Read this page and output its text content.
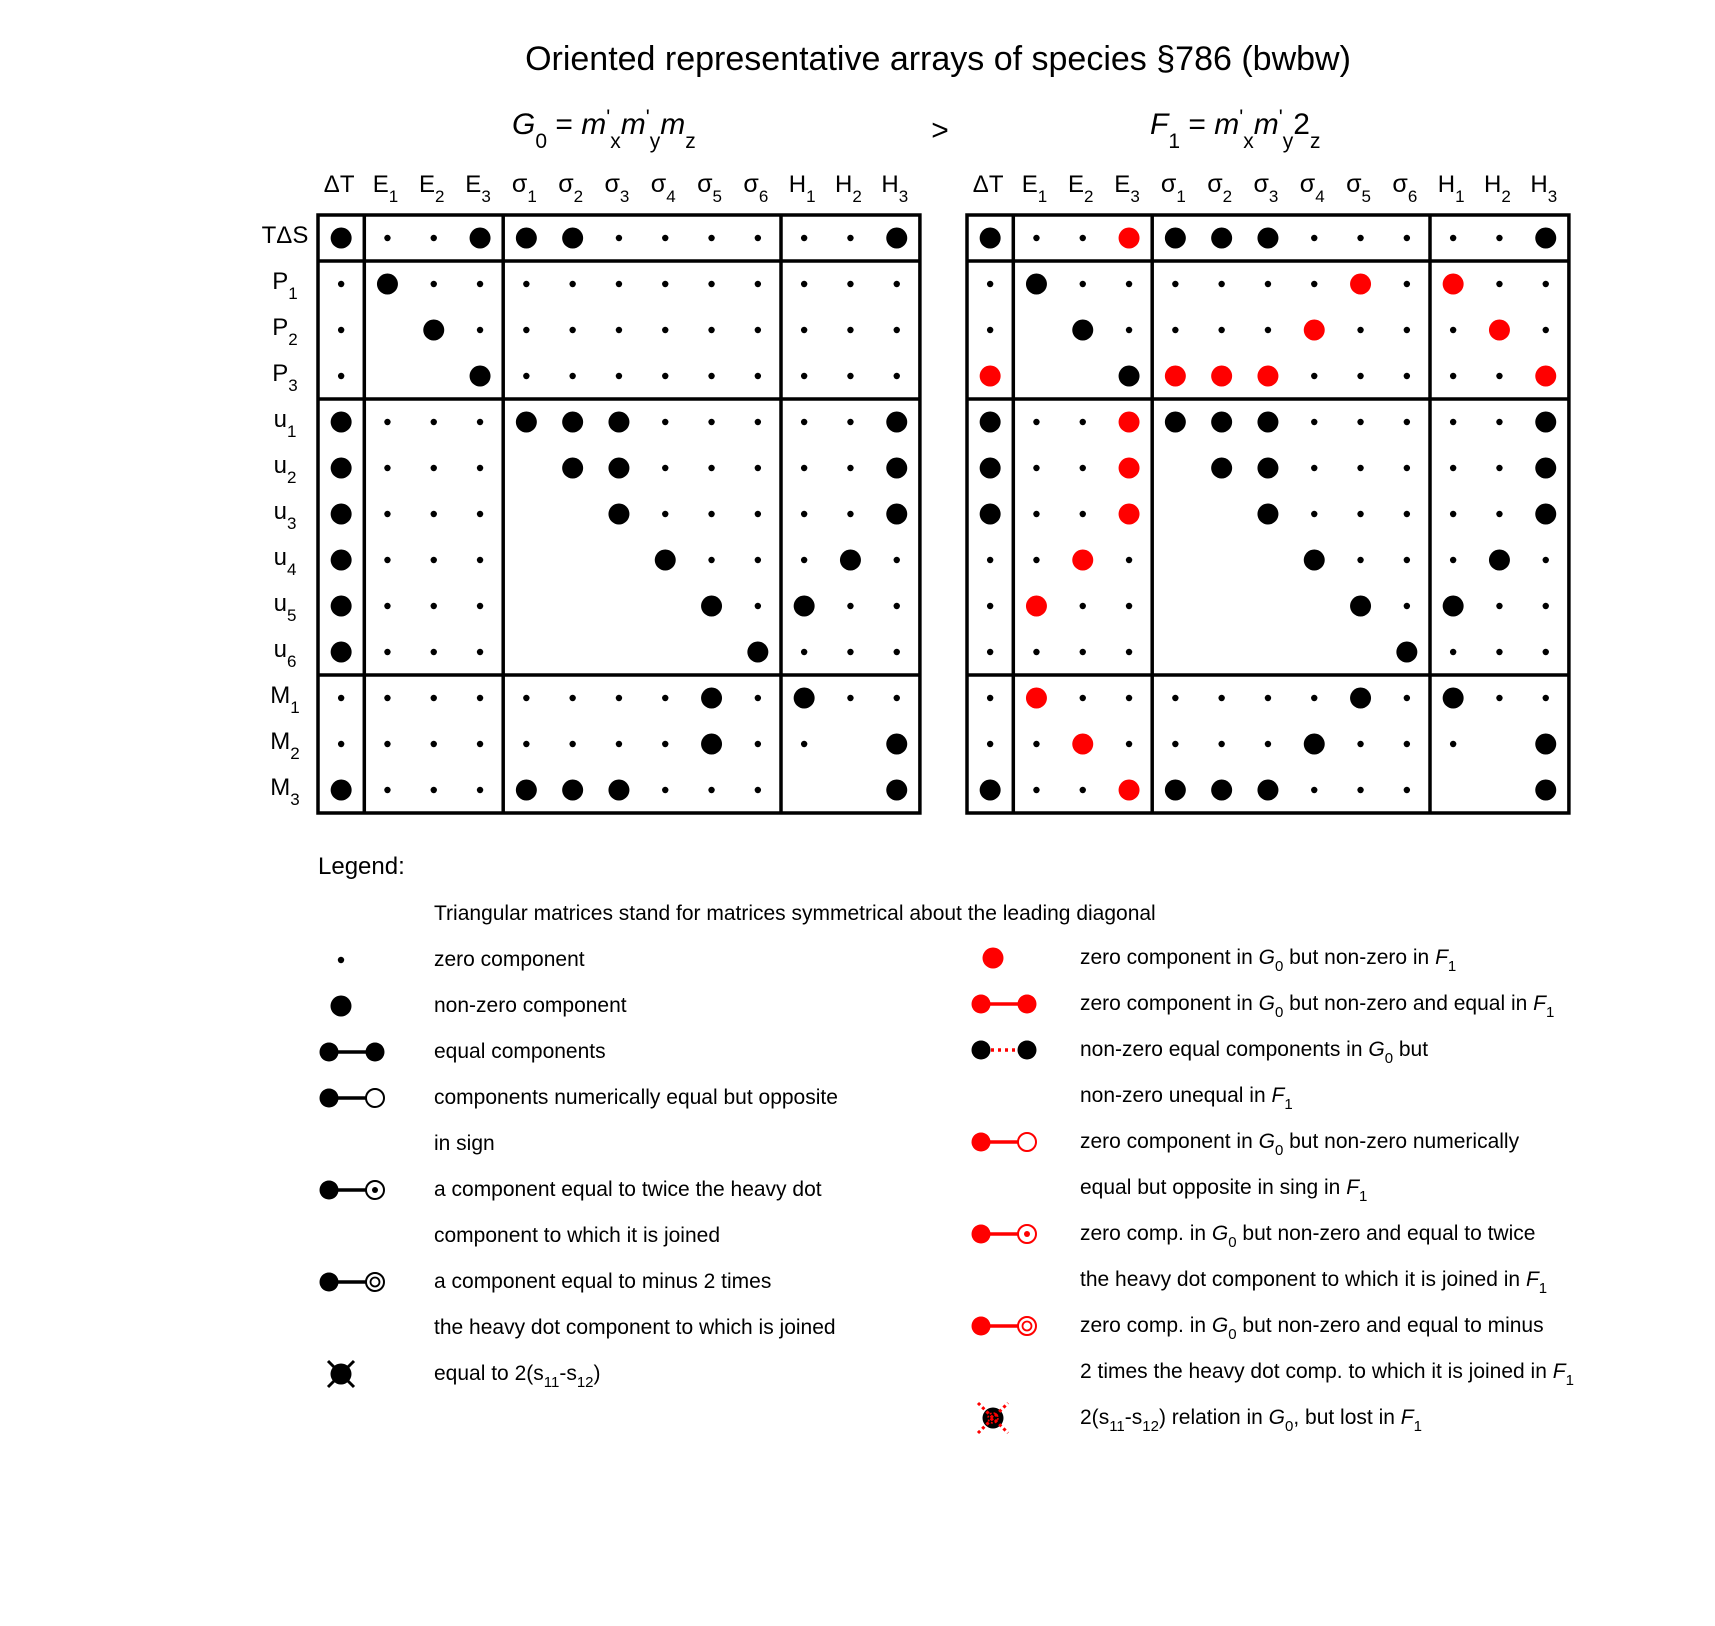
Oriented representative arrays of species §786 (bwbw)
$G_0 = m'_xm'_ym_z$	>	$F_1 = m'_xm'_y2_z$
ΔT $E_1$ $E_2$ $E_3$ $\sigma_1$ $\sigma_2$ $\sigma_3$ $\sigma_4$ $\sigma_5$ $\sigma_6$ $H_1$ $H_2$ $H_3$
TΔS
$P_1$
$P_2$
$P_3$
$u_1$
$u_2$
$u_3$
$u_4$
$u_5$
$u_6$
$M_1$
$M_2$
$M_3$
ΔT $E_1$ $E_2$ $E_3$ $\sigma_1$ $\sigma_2$ $\sigma_3$ $\sigma_4$ $\sigma_5$ $\sigma_6$ $H_1$ $H_2$ $H_3$
Legend:
Triangular matrices stand for matrices symmetrical about the leading diagonal
zero component
non-zero component
equal components
components numerically equal but opposite
in sign
a component equal to twice the heavy dot
component to which it is joined
a component equal to minus 2 times
the heavy dot component to which is joined
equal to $2(s_{11}-s_{12})$
zero component in $G_0$ but non-zero in $F_1$
zero component in $G_0$ but non-zero and equal in $F_1$
non-zero equal components in $G_0$ but
non-zero unequal in $F_1$
zero component in $G_0$ but non-zero numerically
equal but opposite in sing in $F_1$
zero comp. in $G_0$ but non-zero and equal to twice
the heavy dot component to which it is joined in $F_1$
zero comp. in $G_0$ but non-zero and equal to minus
2 times the heavy dot comp. to which it is joined in $F_1$
$2(s_{11}-s_{12})$ relation in $G_0$, but lost in $F_1$
